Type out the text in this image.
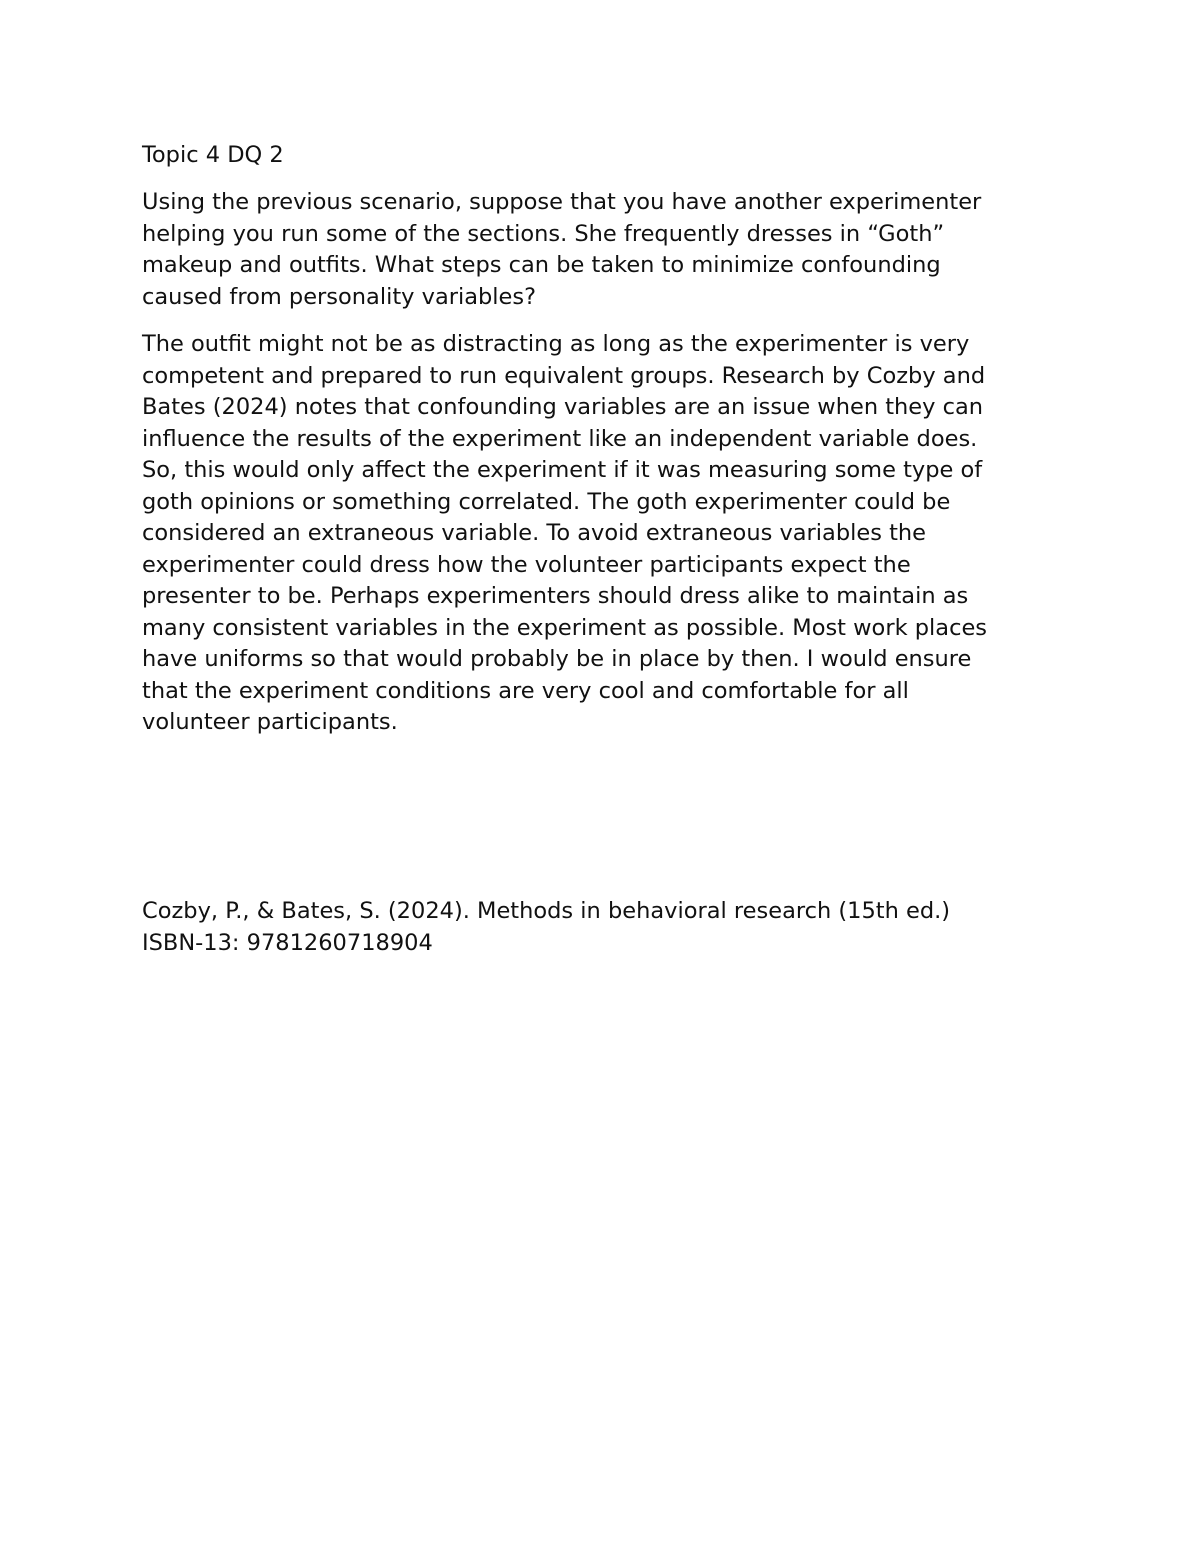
Topic 4 DQ 2
Using the previous scenario, suppose that you have another experimenter
helping you run some of the sections. She frequently dresses in “Goth”
makeup and outfits. What steps can be taken to minimize confounding
caused from personality variables?
The outfit might not be as distracting as long as the experimenter is very
competent and prepared to run equivalent groups. Research by Cozby and
Bates (2024) notes that confounding variables are an issue when they can
influence the results of the experiment like an independent variable does.
So, this would only affect the experiment if it was measuring some type of
goth opinions or something correlated. The goth experimenter could be
considered an extraneous variable. To avoid extraneous variables the
experimenter could dress how the volunteer participants expect the
presenter to be. Perhaps experimenters should dress alike to maintain as
many consistent variables in the experiment as possible. Most work places
have uniforms so that would probably be in place by then. I would ensure
that the experiment conditions are very cool and comfortable for all
volunteer participants.
Cozby, P., & Bates, S. (2024). Methods in behavioral research (15th ed.)
ISBN-13: 9781260718904
